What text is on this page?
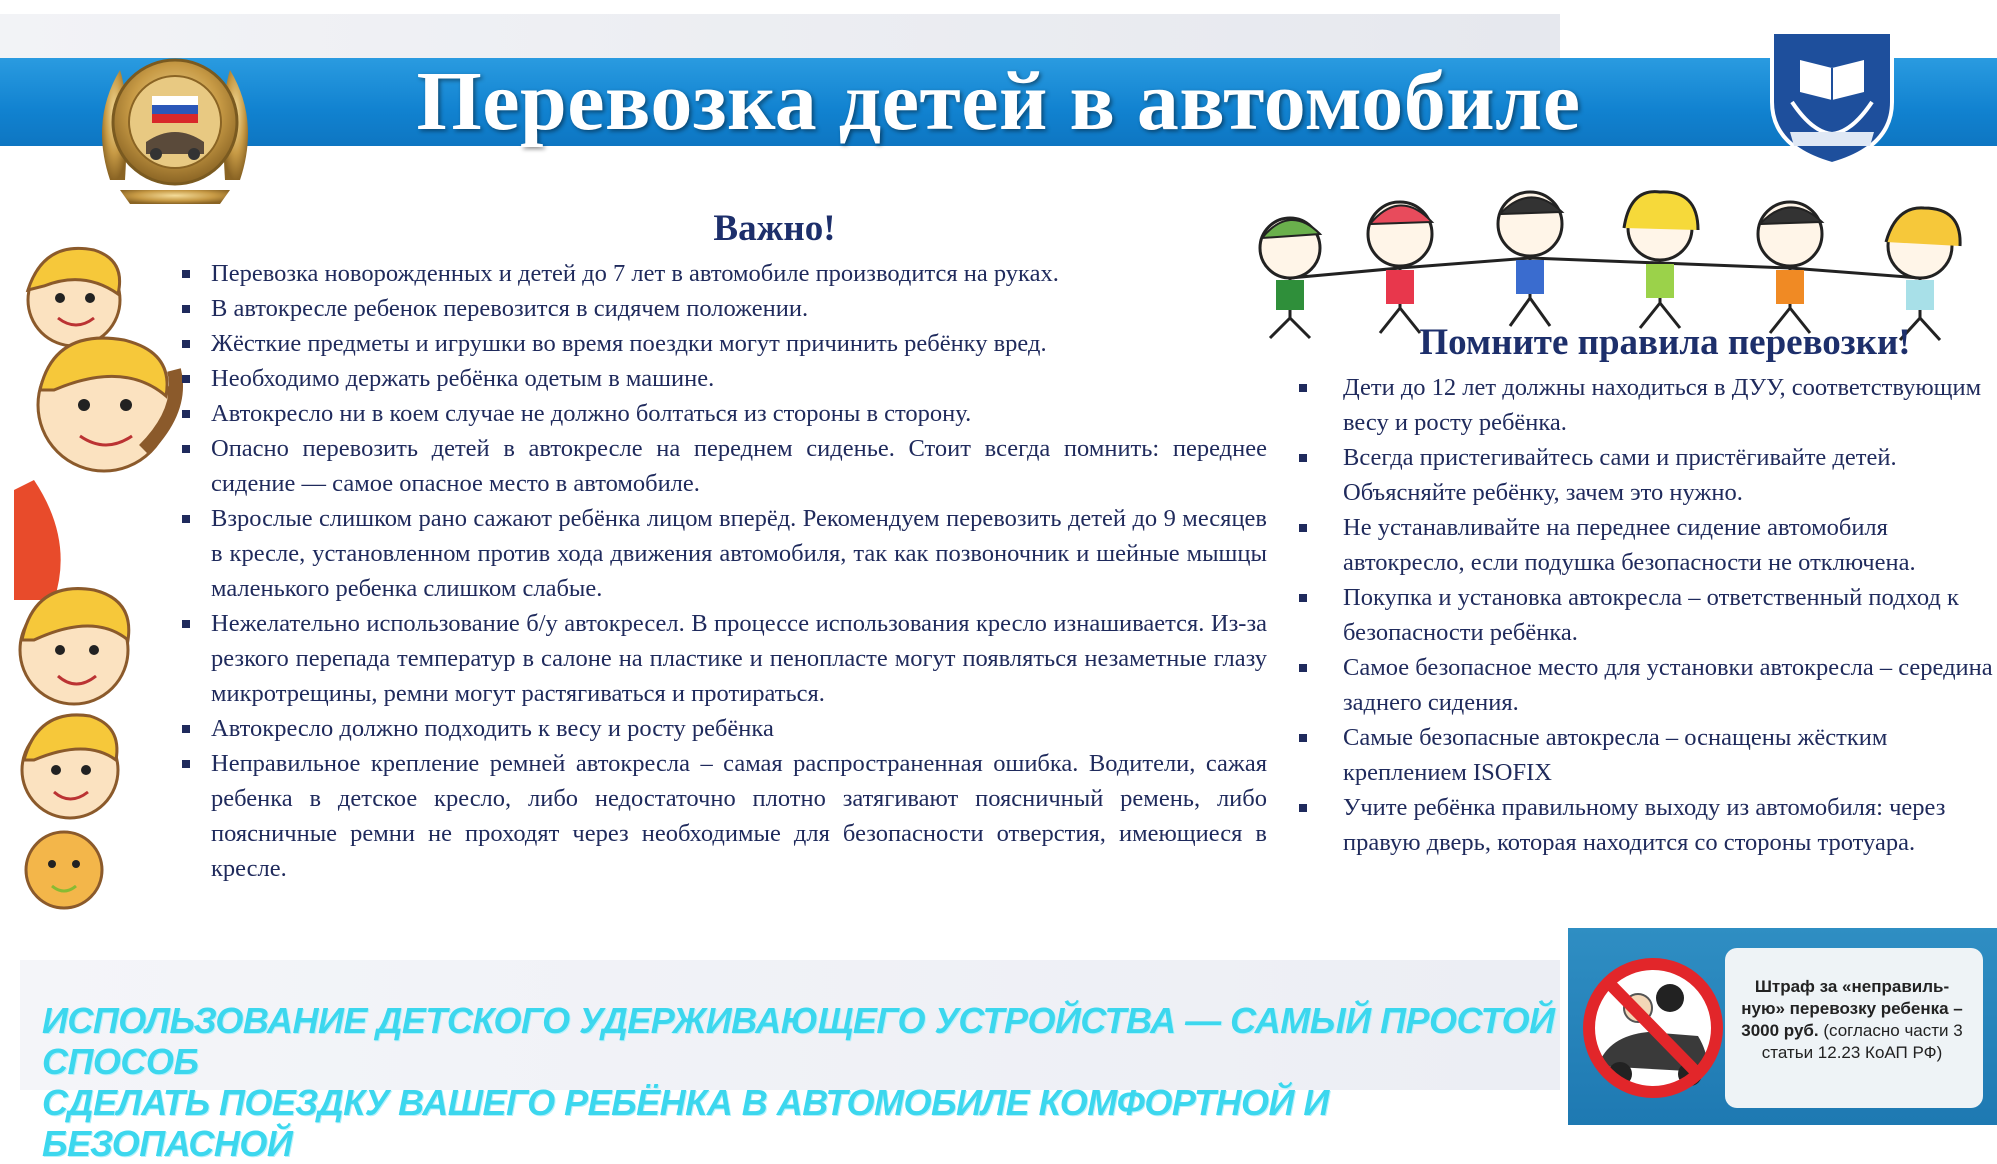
Перевозка детей в автомобиле
Важно!
Перевозка новорожденных и детей до 7 лет в автомобиле производится на руках.
В автокресле ребенок перевозится в сидячем положении.
Жёсткие предметы и игрушки во время поездки могут причинить ребёнку вред.
Необходимо держать ребёнка одетым в машине.
Автокресло ни в коем случае не должно болтаться из стороны в сторону.
Опасно перевозить детей в автокресле на переднем сиденье. Стоит всегда помнить: переднее сидение — самое опасное место в автомобиле.
Взрослые слишком рано сажают ребёнка лицом вперёд. Рекомендуем перевозить детей до 9 месяцев в кресле, установленном против хода движения автомобиля, так как позвоночник и шейные мышцы маленького ребенка слишком слабые.
Нежелательно использование б/у автокресел. В процессе использования кресло изнашивается. Из-за резкого перепада температур в салоне на пластике и пенопласте могут появляться незаметные глазу микротрещины, ремни могут растягиваться и протираться.
Автокресло должно подходить к весу и росту ребёнка
Неправильное крепление ремней автокресла – самая распространенная ошибка. Водители, сажая ребенка в детское кресло, либо недостаточно плотно затягивают поясничный ремень, либо поясничные ремни не проходят через необходимые для безопасности отверстия, имеющиеся в кресле.
Помните правила перевозки!
Дети до 12 лет должны находиться в ДУУ, соответствующим весу и росту ребёнка.
Всегда пристегивайтесь сами и пристёгивайте детей. Объясняйте ребёнку, зачем это нужно.
Не устанавливайте на переднее сидение автомобиля автокресло, если подушка безопасности не отключена.
Покупка и установка автокресла – ответственный подход к безопасности ребёнка.
Самое безопасное место для установки автокресла – середина заднего сидения.
Самые безопасные автокресла – оснащены жёстким креплением ISOFIX
Учите ребёнка правильному выходу из автомобиля: через правую дверь, которая находится со стороны тротуара.
ИСПОЛЬЗОВАНИЕ ДЕТСКОГО УДЕРЖИВАЮЩЕГО УСТРОЙСТВА — САМЫЙ ПРОСТОЙ СПОСОБ
СДЕЛАТЬ ПОЕЗДКУ ВАШЕГО РЕБЁНКА В АВТОМОБИЛЕ КОМФОРТНОЙ И БЕЗОПАСНОЙ
Штраф за «неправиль-
ную» перевозку ребенка –
3000 руб. (согласно части 3 статьи 12.23 КоАП РФ)
